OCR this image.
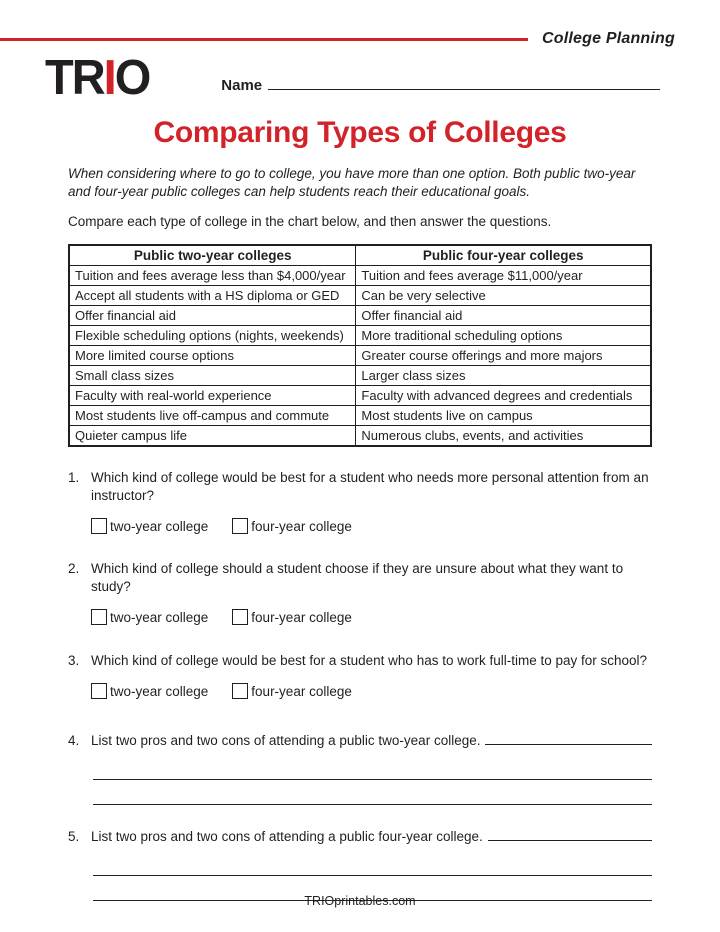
College Planning
TRIO	Name
Comparing Types of Colleges

When considering where to go to college, you have more than one option. Both public two-year and four-year public colleges can help students reach their educational goals.

Compare each type of college in the chart below, and then answer the questions.

Public two-year colleges	Public four-year colleges
Tuition and fees average less than $4,000/year	Tuition and fees average $11,000/year
Accept all students with a HS diploma or GED	Can be very selective
Offer financial aid	Offer financial aid
Flexible scheduling options (nights, weekends)	More traditional scheduling options
More limited course options	Greater course offerings and more majors
Small class sizes	Larger class sizes
Faculty with real-world experience	Faculty with advanced degrees and credentials
Most students live off-campus and commute	Most students live on campus
Quieter campus life	Numerous clubs, events, and activities
1. Which kind of college would be best for a student who needs more personal attention from an instructor?
two-year college	four-year college
2. Which kind of college should a student choose if they are unsure about what they want to study?
two-year college	four-year college
3. Which kind of college would be best for a student who has to work full-time to pay for school?
two-year college	four-year college
4. List two pros and two cons of attending a public two-year college.
5. List two pros and two cons of attending a public four-year college.
TRIOprintables.com
